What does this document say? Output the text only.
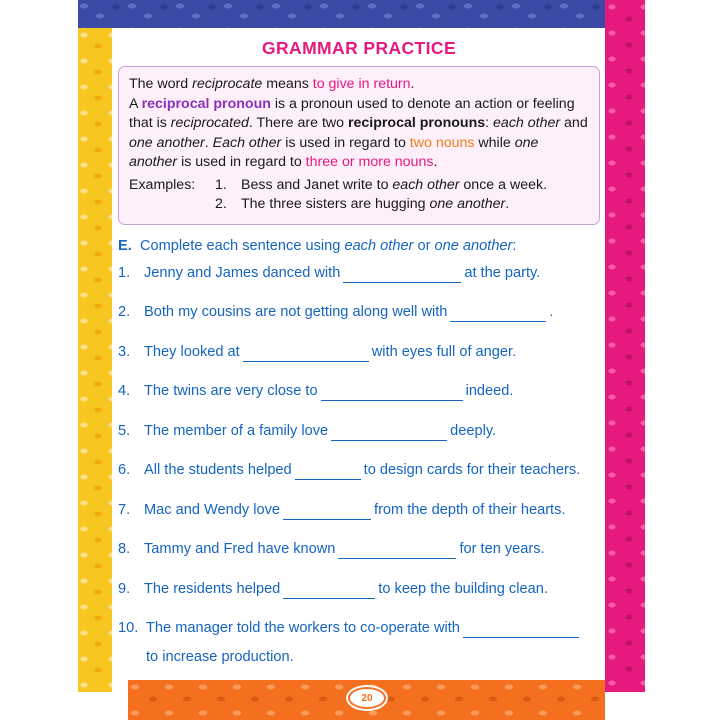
20
GRAMMAR PRACTICE

The word reciprocate means to give in return.

A reciprocal pronoun is a pronoun used to denote an action or feeling that is reciprocated. There are two reciprocal pronouns: each other and one another. Each other is used in regard to two nouns while one another is used in regard to three or more nouns.

Examples:	1. Bess and Janet write to each other once a week.
2. The three sisters are hugging one another.
E. Complete each sentence using each other or one another:
1. Jenny and James danced with	at the party.
2. Both my cousins are not getting along well with	.
3. They looked at	with eyes full of anger.
4. The twins are very close to	indeed.
5. The member of a family love	deeply.
6. All the students helped	to design cards for their teachers.
7. Mac and Wendy love	from the depth of their hearts.
8. Tammy and Fred have known	for ten years.
9. The residents helped	to keep the building clean.
10. The manager told the workers to co-operate with
to increase production.
